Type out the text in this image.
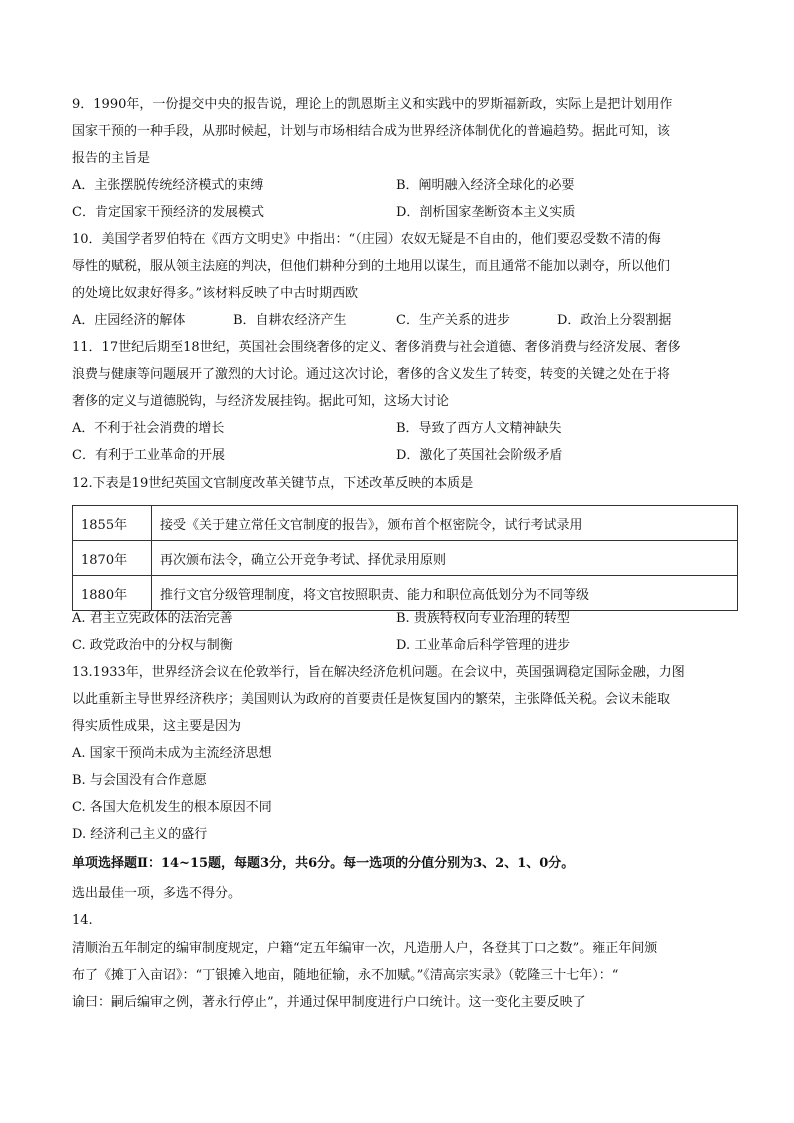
9．1990年，一份提交中央的报告说，理论上的凯恩斯主义和实践中的罗斯福新政，实际上是把计划用作
国家干预的一种手段，从那时候起，计划与市场相结合成为世界经济体制优化的普遍趋势。据此可知，该
报告的主旨是
A．主张摆脱传统经济模式的束缚	B．阐明融入经济全球化的必要
C．肯定国家干预经济的发展模式	D．剖析国家垄断资本主义实质
10．美国学者罗伯特在《西方文明史》中指出：“（庄园）农奴无疑是不自由的，他们要忍受数不清的侮
辱性的赋税，服从领主法庭的判决，但他们耕种分到的土地用以谋生，而且通常不能加以剥夺，所以他们
的处境比奴隶好得多。”该材料反映了中古时期西欧
A．庄园经济的解体	B．自耕农经济产生	C．生产关系的进步	D．政治上分裂割据
11．17世纪后期至18世纪，英国社会围绕奢侈的定义、奢侈消费与社会道德、奢侈消费与经济发展、奢侈
浪费与健康等问题展开了激烈的大讨论。通过这次讨论，奢侈的含义发生了转变，转变的关键之处在于将
奢侈的定义与道德脱钩，与经济发展挂钩。据此可知，这场大讨论
A．不利于社会消费的增长	B．导致了西方人文精神缺失
C．有利于工业革命的开展	D．激化了英国社会阶级矛盾
12.下表是19世纪英国文官制度改革关键节点，下述改革反映的本质是
1855年	接受《关于建立常任文官制度的报告》，颁布首个枢密院令，试行考试录用
1870年	再次颁布法令，确立公开竞争考试、择优录用原则
1880年	推行文官分级管理制度，将文官按照职责、能力和职位高低划分为不同等级
A. 君主立宪政体的法治完善	B. 贵族特权向专业治理的转型
C. 政党政治中的分权与制衡	D. 工业革命后科学管理的进步
13.1933年，世界经济会议在伦敦举行，旨在解决经济危机问题。在会议中，英国强调稳定国际金融，力图
以此重新主导世界经济秩序；美国则认为政府的首要责任是恢复国内的繁荣，主张降低关税。会议未能取
得实质性成果，这主要是因为
A. 国家干预尚未成为主流经济思想
B. 与会国没有合作意愿
C. 各国大危机发生的根本原因不同
D. 经济利己主义的盛行
单项选择题Ⅱ：14~15题，每题3分，共6分。每一选项的分值分别为3、2、1、0分。
选出最佳一项，多选不得分。
14.
清顺治五年制定的编审制度规定，户籍“定五年编审一次，凡造册人户，各登其丁口之数”。雍正年间颁
布了《摊丁入亩诏》：“丁银摊入地亩，随地征输，永不加赋。”《清高宗实录》（乾隆三十七年）：“
谕曰：嗣后编审之例，著永行停止”，并通过保甲制度进行户口统计。这一变化主要反映了
